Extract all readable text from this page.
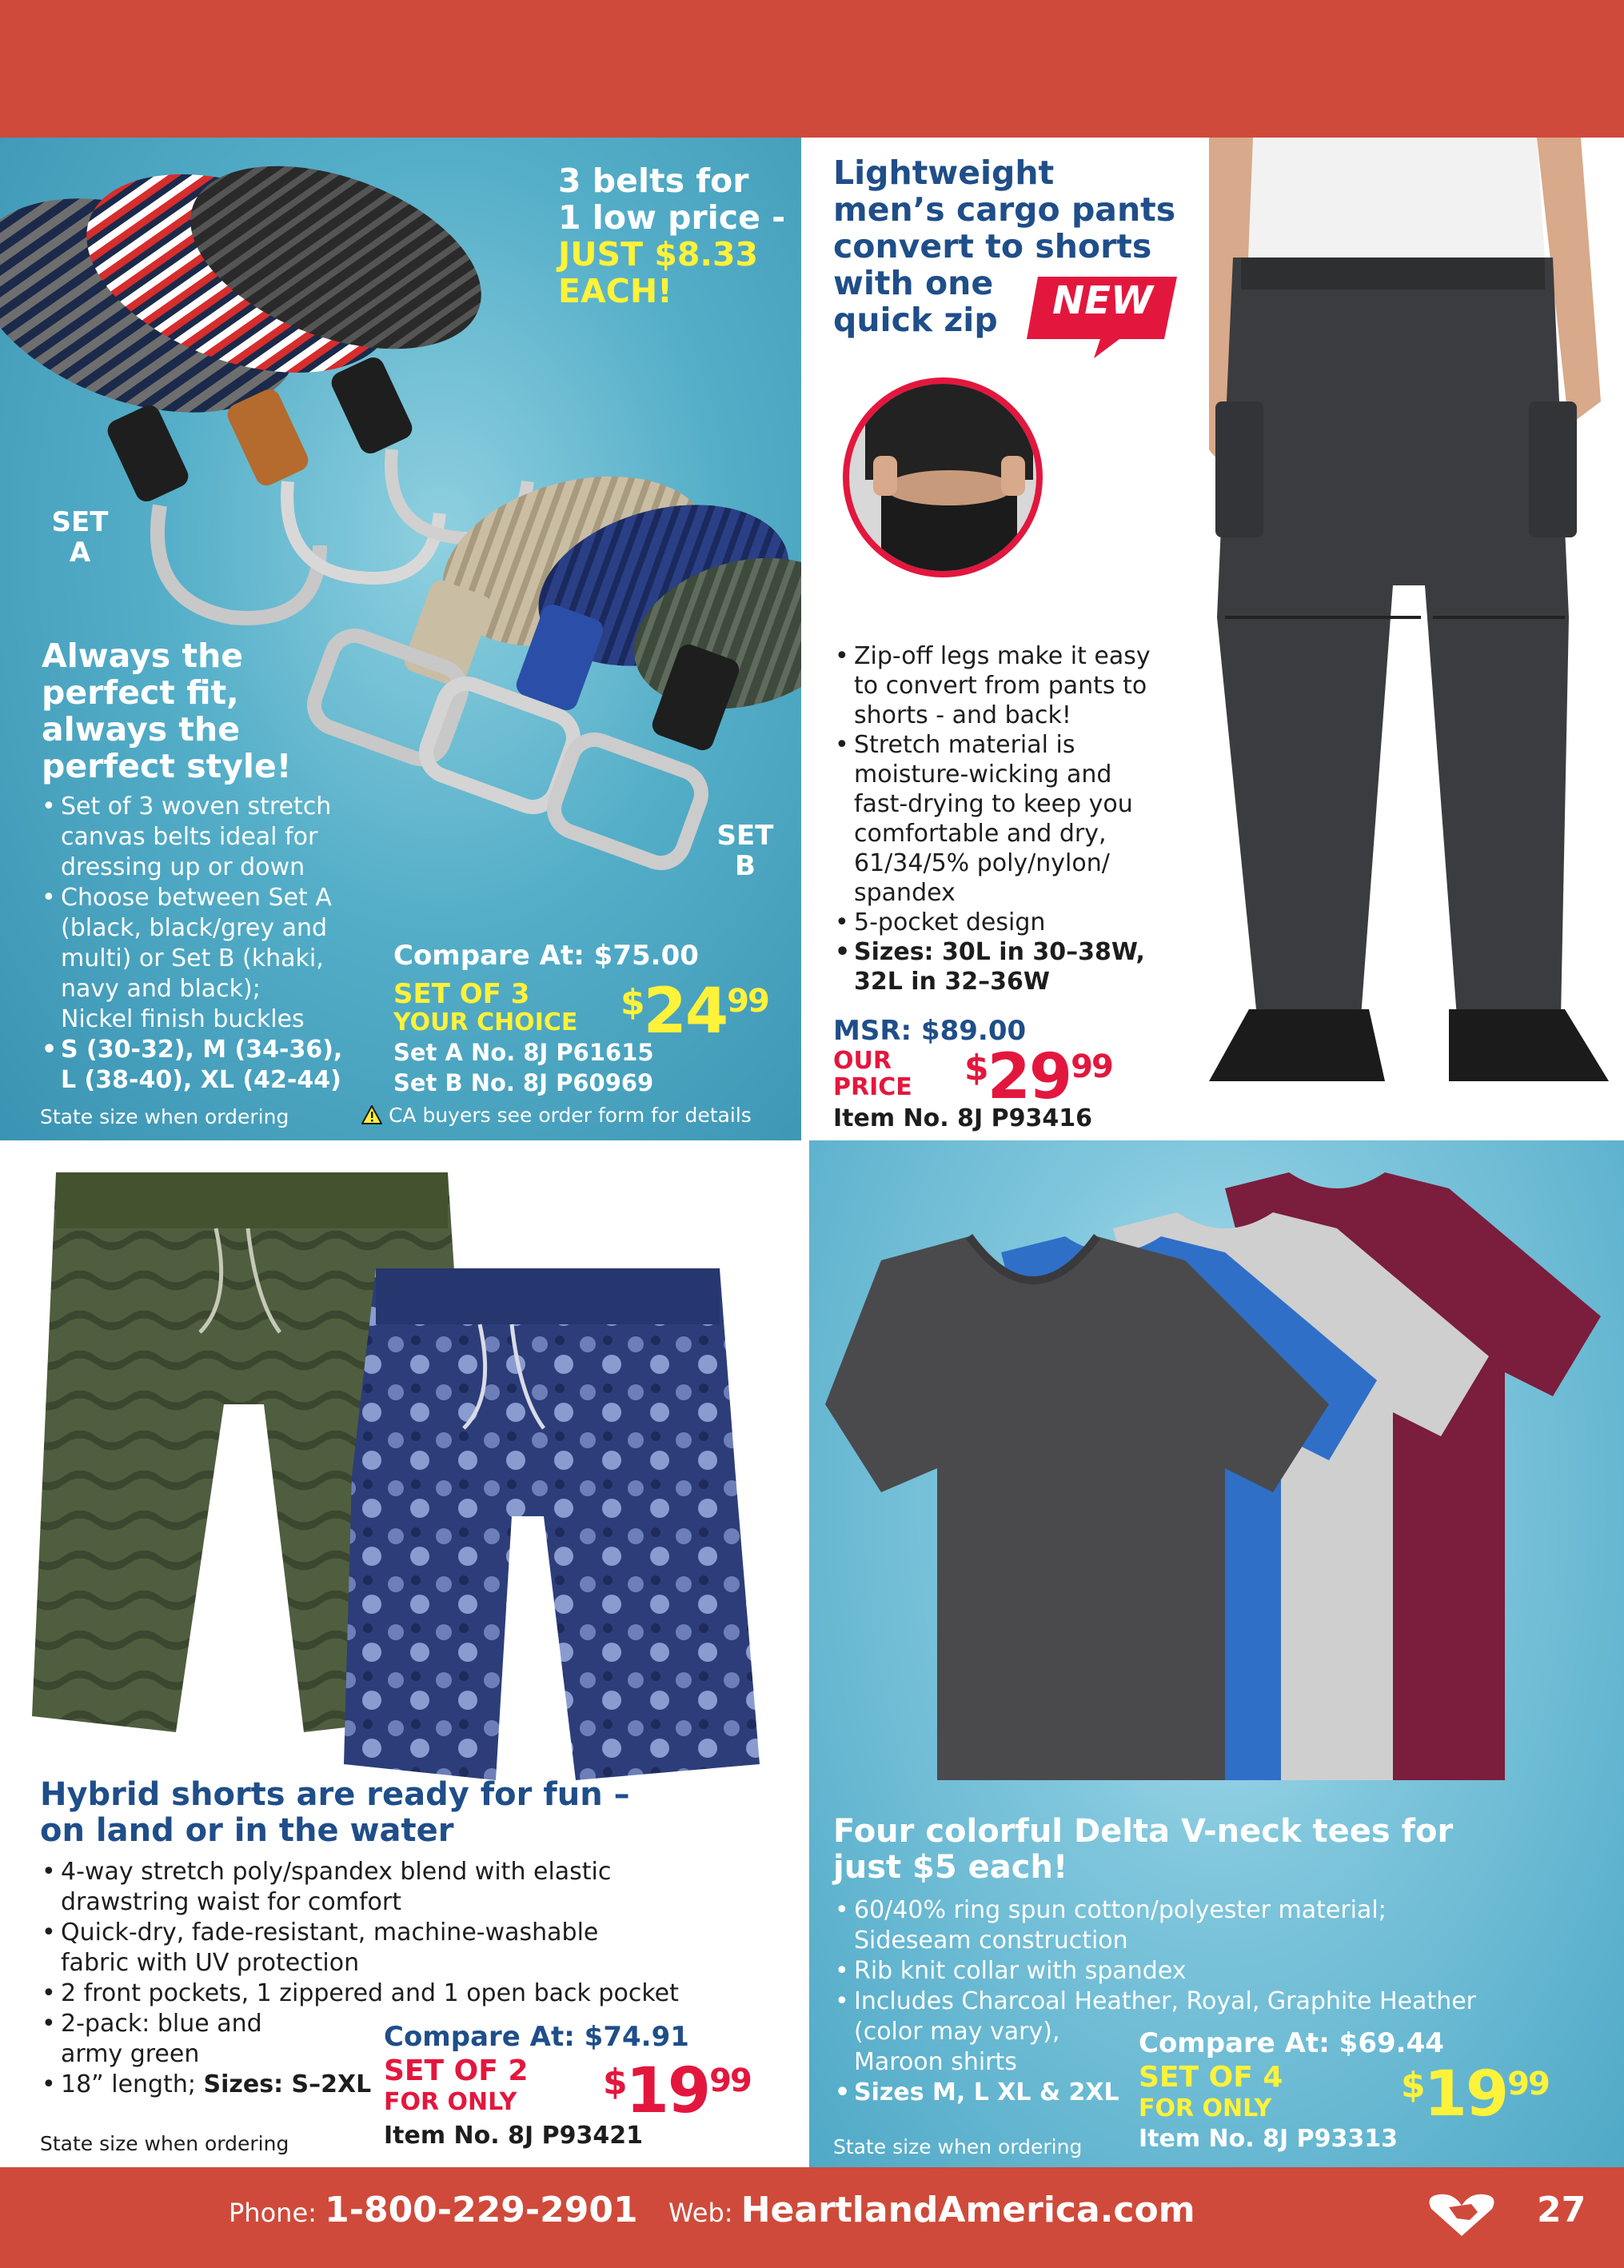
3 belts for
1 low price -
JUST $8.33
EACH!
SET
A
SET
B
Always the
perfect fit,
always the
perfect style!
• Set of 3 woven stretch
canvas belts ideal for
dressing up or down
• Choose between Set A
(black, black/grey and
multi) or Set B (khaki,
navy and black);
Nickel finish buckles
• S (30-32), M (34-36),
L (38-40), XL (42-44)
State size when ordering
Compare At: $75.00
SET OF 3
YOUR CHOICE $2499
Set A No. 8J P61615
Set B No. 8J P60969
CA buyers see order form for details
Lightweight
men’s cargo pants
convert to shorts
with one
quick zip	NEW
• Zip-off legs make it easy
to convert from pants to
shorts - and back!
• Stretch material is
moisture-wicking and
fast-drying to keep you
comfortable and dry,
61/34/5% poly/nylon/
spandex
• 5-pocket design
• Sizes: 30L in 30–38W,
32L in 32–36W
MSR: $89.00
OUR
PRICE $2999
Item No. 8J P93416
Hybrid shorts are ready for fun –
on land or in the water
• 4-way stretch poly/spandex blend with elastic
drawstring waist for comfort
• Quick-dry, fade-resistant, machine-washable
fabric with UV protection
• 2 front pockets, 1 zippered and 1 open back pocket
• 2-pack: blue and
army green
• 18” length; Sizes: S–2XL
State size when ordering
Compare At: $74.91
SET OF 2
FOR ONLY $1999
Item No. 8J P93421
Four colorful Delta V-neck tees for
just $5 each!
• 60/40% ring spun cotton/polyester material;
Sideseam construction
• Rib knit collar with spandex
• Includes Charcoal Heather, Royal, Graphite Heather
(color may vary),
Maroon shirts
• Sizes M, L XL & 2XL
State size when ordering
Compare At: $69.44
SET OF 4
FOR ONLY
$1999
Item No. 8J P93313
Phone: 1-800-229-2901 Web: HeartlandAmerica.com	27
